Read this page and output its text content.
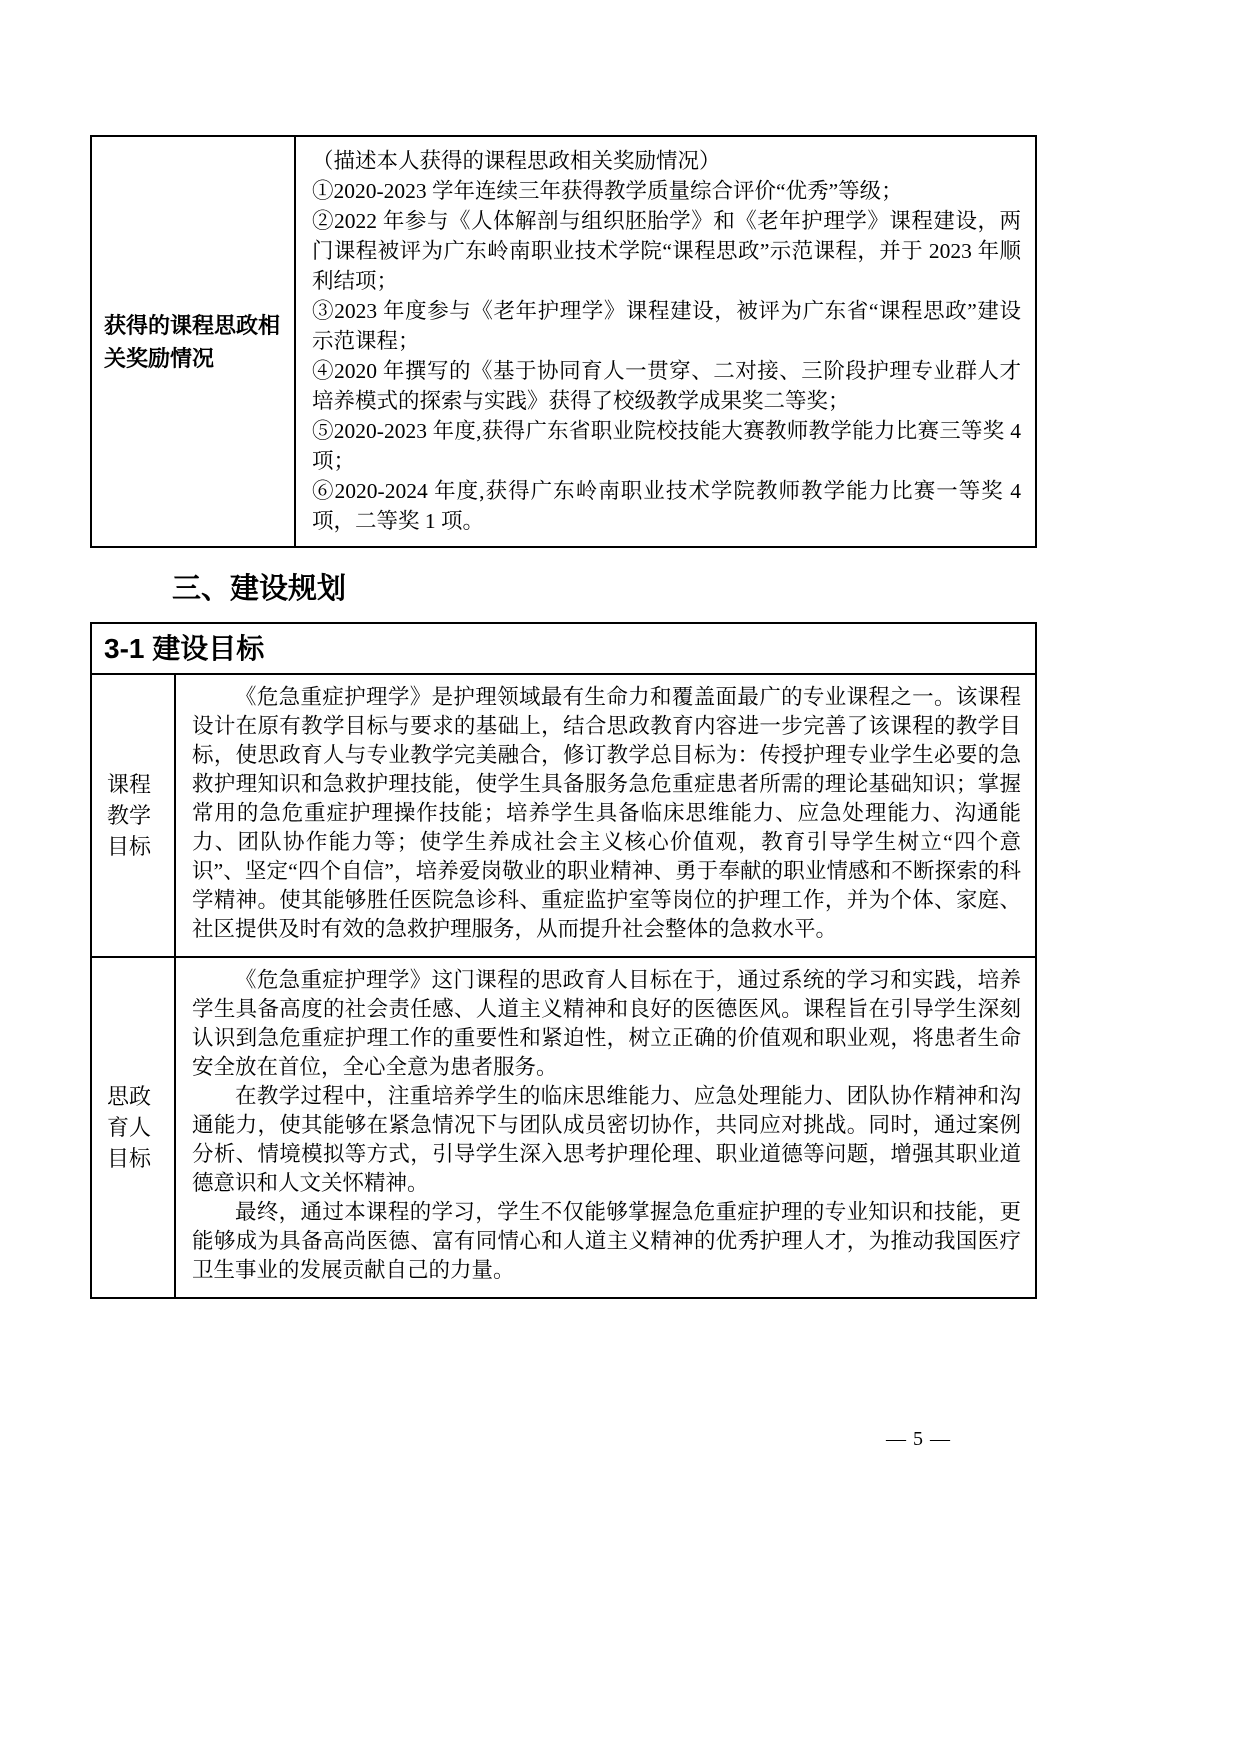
获得的课程思政相关奖励情况

（描述本人获得的课程思政相关奖励情况）

①2020-2023 学年连续三年获得教学质量综合评价“优秀”等级；

②2022 年参与《人体解剖与组织胚胎学》和《老年护理学》课程建设，两门课程被评为广东岭南职业技术学院“课程思政”示范课程，并于 2023 年顺利结项；

③2023 年度参与《老年护理学》课程建设，被评为广东省“课程思政”建设示范课程；

④2020 年撰写的《基于协同育人一贯穿、二对接、三阶段护理专业群人才培养模式的探索与实践》获得了校级教学成果奖二等奖；

⑤2020-2023 年度,获得广东省职业院校技能大赛教师教学能力比赛三等奖 4 项；

⑥2020-2024 年度,获得广东岭南职业技术学院教师教学能力比赛一等奖 4 项，二等奖 1 项。

三、建设规划
3-1 建设目标
课程教学目标

《危急重症护理学》是护理领域最有生命力和覆盖面最广的专业课程之一。该课程设计在原有教学目标与要求的基础上，结合思政教育内容进一步完善了该课程的教学目标，使思政育人与专业教学完美融合，修订教学总目标为：传授护理专业学生必要的急救护理知识和急救护理技能，使学生具备服务急危重症患者所需的理论基础知识；掌握常用的急危重症护理操作技能；培养学生具备临床思维能力、应急处理能力、沟通能力、团队协作能力等；使学生养成社会主义核心价值观，教育引导学生树立“四个意识”、坚定“四个自信”，培养爱岗敬业的职业精神、勇于奉献的职业情感和不断探索的科学精神。使其能够胜任医院急诊科、重症监护室等岗位的护理工作，并为个体、家庭、社区提供及时有效的急救护理服务，从而提升社会整体的急救水平。

思政育人目标

《危急重症护理学》这门课程的思政育人目标在于，通过系统的学习和实践，培养学生具备高度的社会责任感、人道主义精神和良好的医德医风。课程旨在引导学生深刻认识到急危重症护理工作的重要性和紧迫性，树立正确的价值观和职业观，将患者生命安全放在首位，全心全意为患者服务。

在教学过程中，注重培养学生的临床思维能力、应急处理能力、团队协作精神和沟通能力，使其能够在紧急情况下与团队成员密切协作，共同应对挑战。同时，通过案例分析、情境模拟等方式，引导学生深入思考护理伦理、职业道德等问题，增强其职业道德意识和人文关怀精神。

最终，通过本课程的学习，学生不仅能够掌握急危重症护理的专业知识和技能，更能够成为具备高尚医德、富有同情心和人道主义精神的优秀护理人才，为推动我国医疗卫生事业的发展贡献自己的力量。

— 5 —
